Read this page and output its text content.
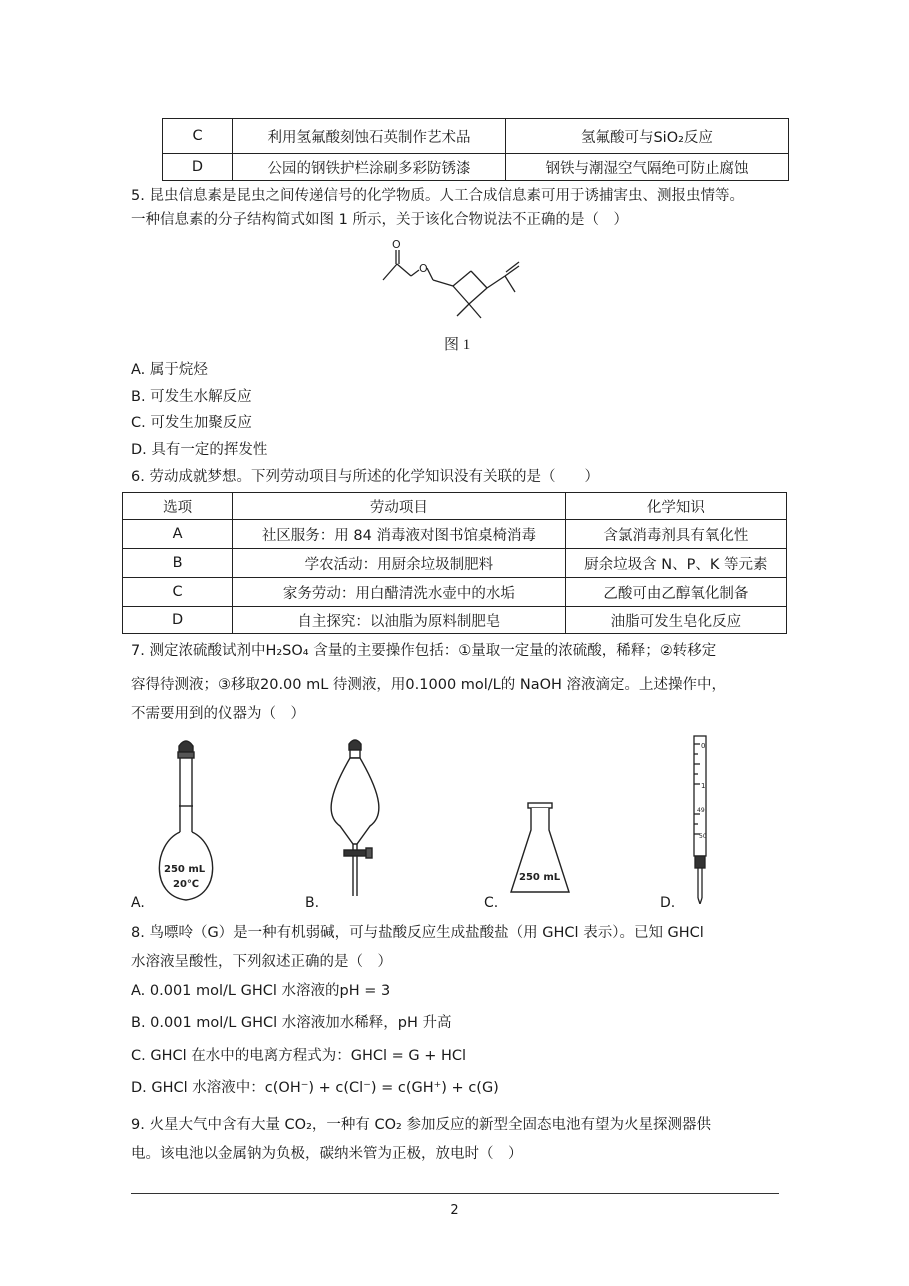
C	利用氢氟酸刻蚀石英制作艺术品	氢氟酸可与SiO₂反应
D	公园的钢铁护栏涂刷多彩防锈漆	钢铁与潮湿空气隔绝可防止腐蚀
5. 昆虫信息素是昆虫之间传递信号的化学物质。人工合成信息素可用于诱捕害虫、测报虫情等。
一种信息素的分子结构简式如图 1 所示，关于该化合物说法不正确的是（　）
O
O
图 1
A. 属于烷烃
B. 可发生水解反应
C. 可发生加聚反应
D. 具有一定的挥发性
6. 劳动成就梦想。下列劳动项目与所述的化学知识没有关联的是（　　）
选项	劳动项目	化学知识
A	社区服务：用 84 消毒液对图书馆桌椅消毒	含氯消毒剂具有氧化性
B	学农活动：用厨余垃圾制肥料	厨余垃圾含 N、P、K 等元素
C	家务劳动：用白醋清洗水壶中的水垢	乙酸可由乙醇氧化制备
D	自主探究：以油脂为原料制肥皂	油脂可发生皂化反应
7. 测定浓硫酸试剂中H₂SO₄ 含量的主要操作包括：①量取一定量的浓硫酸，稀释；②转移定
容得待测液；③移取20.00 mL 待测液，用0.1000 mol/L的 NaOH 溶液滴定。上述操作中，
不需要用到的仪器为（　）
250 mL
20℃
A.	B.
250 mL
C.
0
1
49
50
D.
8. 鸟嘌呤（G）是一种有机弱碱，可与盐酸反应生成盐酸盐（用 GHCl 表示）。已知 GHCl
水溶液呈酸性，下列叙述正确的是（　）
A. 0.001 mol/L GHCl 水溶液的pH = 3
B. 0.001 mol/L GHCl 水溶液加水稀释，pH 升高
C. GHCl 在水中的电离方程式为：GHCl = G + HCl
D. GHCl 水溶液中：c(OH⁻) + c(Cl⁻) = c(GH⁺) + c(G)
9. 火星大气中含有大量 CO₂，一种有 CO₂ 参加反应的新型全固态电池有望为火星探测器供
电。该电池以金属钠为负极，碳纳米管为正极，放电时（　）
2
